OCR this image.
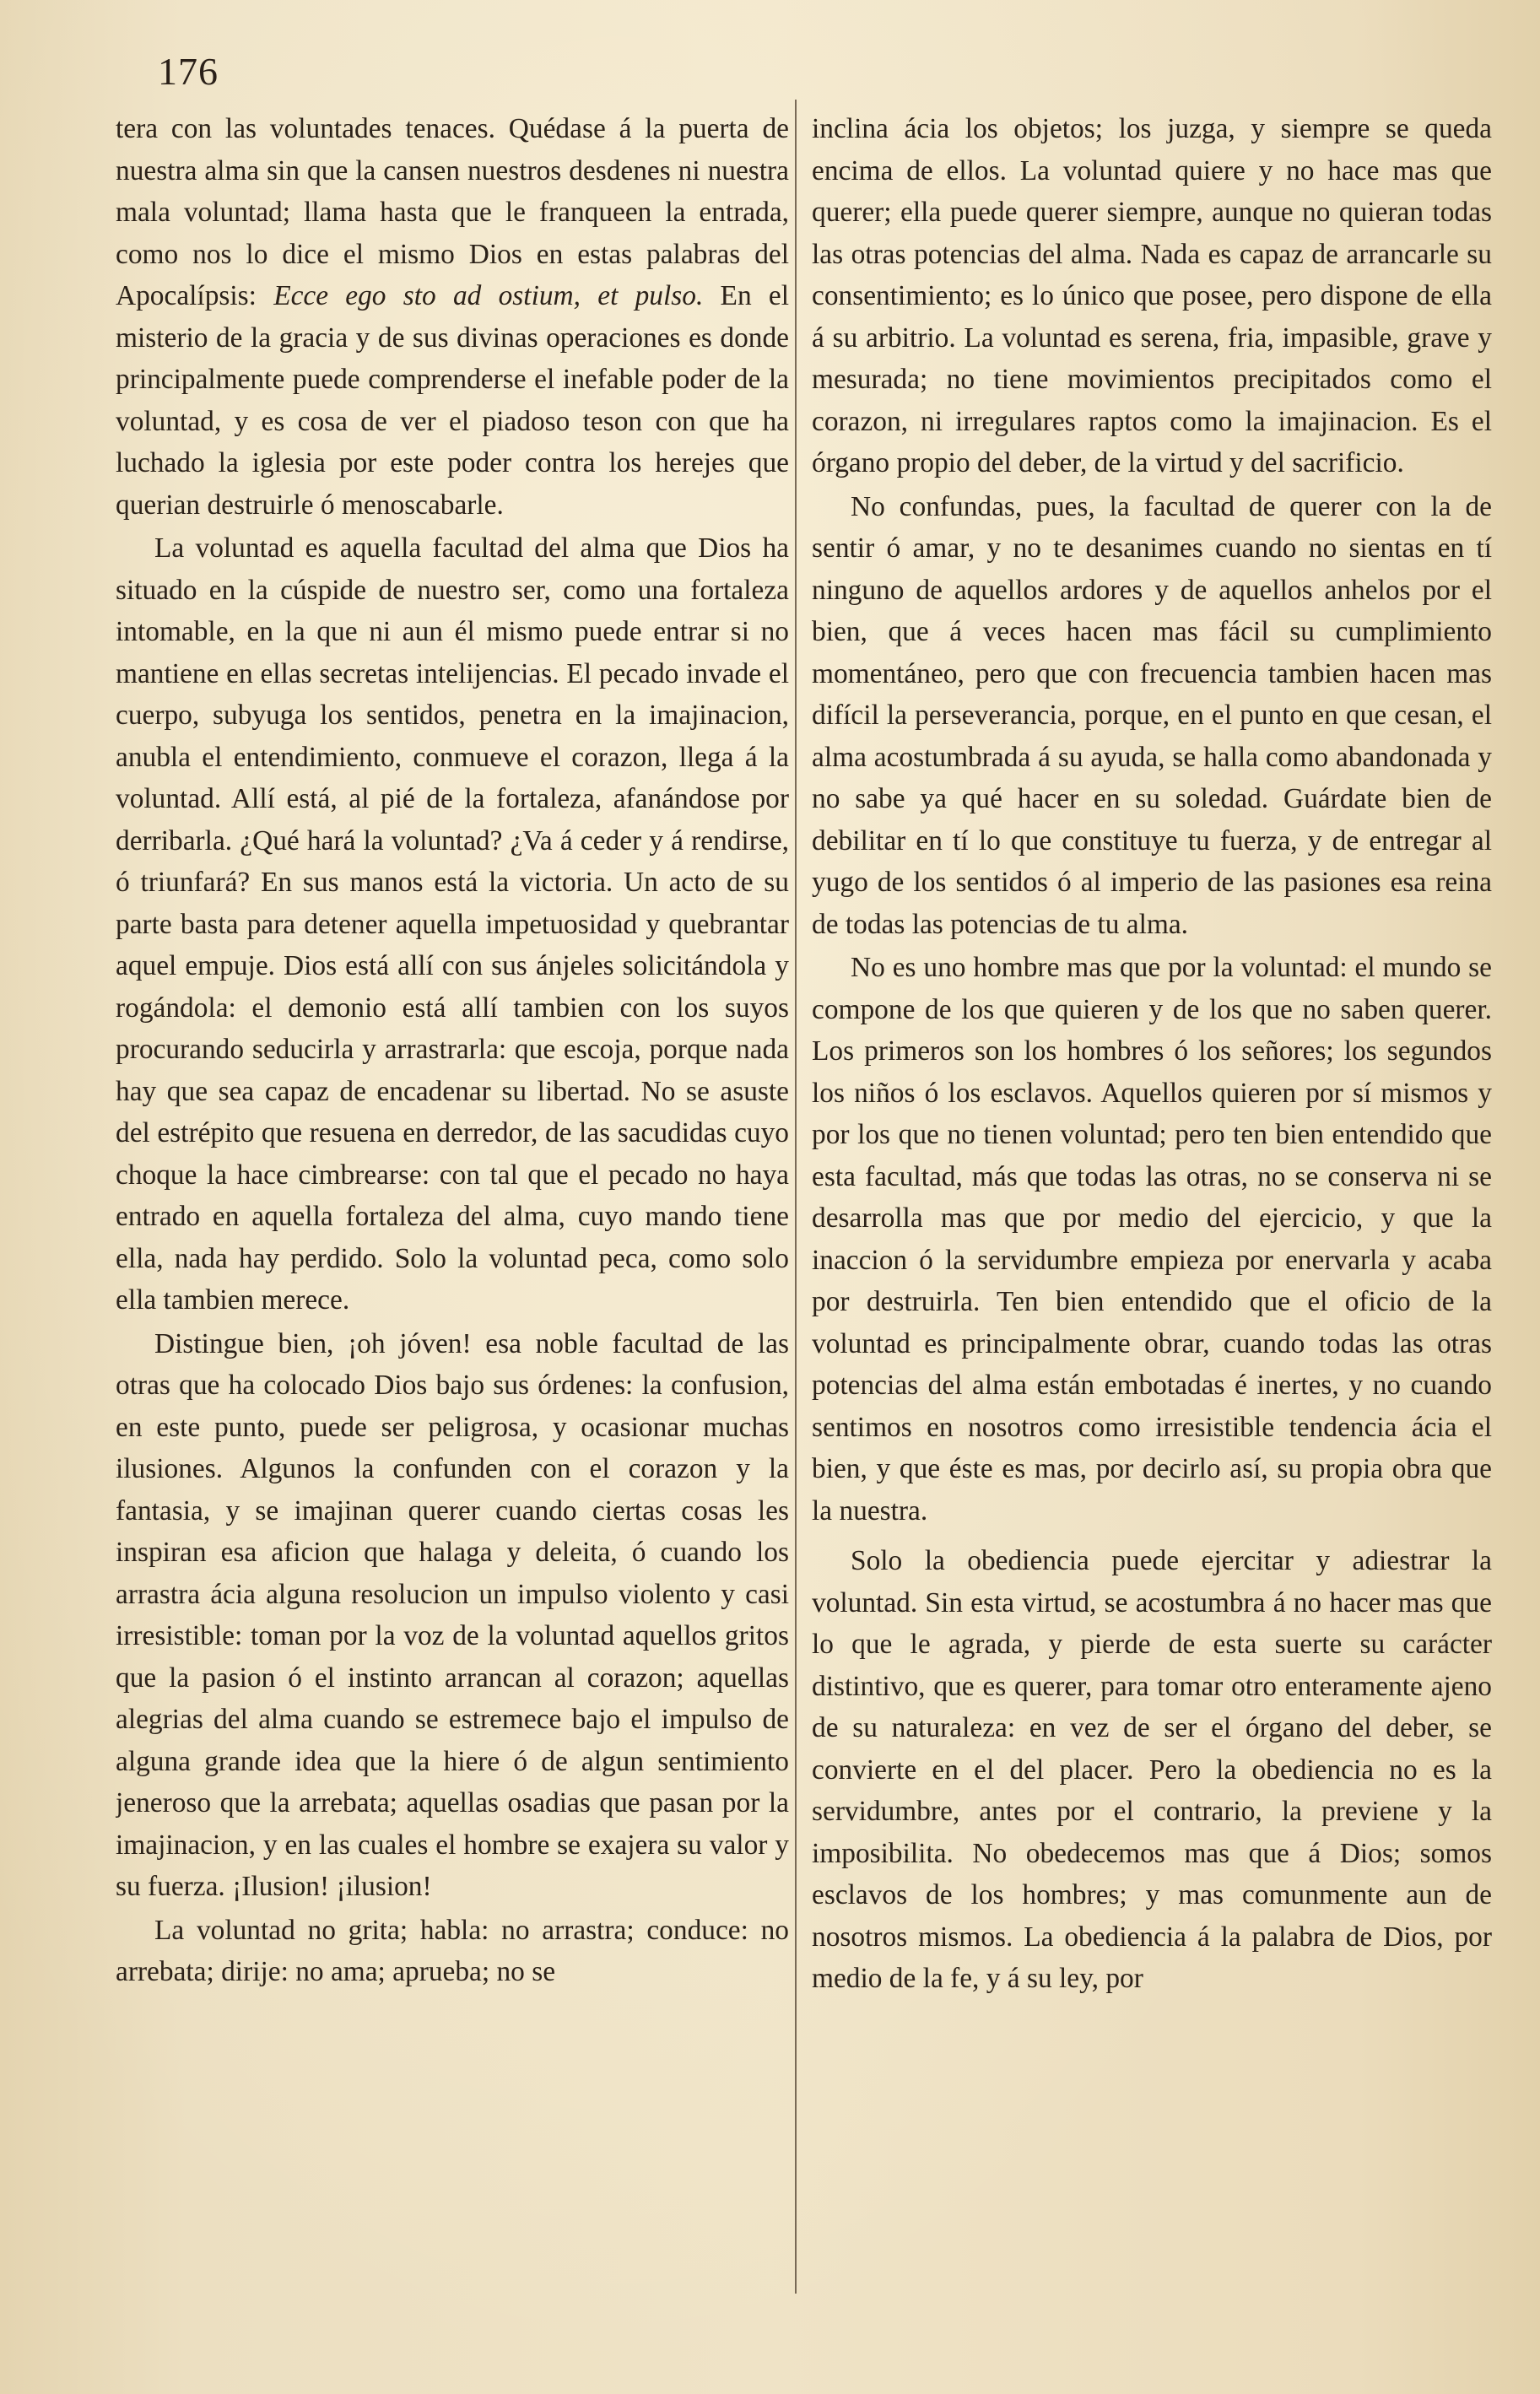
176

tera con las voluntades tenaces. Quédase á la puerta de nuestra alma sin que la cansen nuestros desdenes ni nuestra mala voluntad; llama hasta que le franqueen la entrada, como nos lo dice el mismo Dios en estas palabras del Apocalípsis: Ecce ego sto ad ostium, et pulso. En el misterio de la gracia y de sus divinas operaciones es donde principalmente puede comprenderse el inefable poder de la voluntad, y es cosa de ver el piadoso teson con que ha luchado la iglesia por este poder contra los herejes que querian destruirle ó menoscabarle.

La voluntad es aquella facultad del alma que Dios ha situado en la cúspide de nuestro ser, como una fortaleza intomable, en la que ni aun él mismo puede entrar si no mantiene en ellas secretas intelijencias. El pecado invade el cuerpo, subyuga los sentidos, penetra en la imajinacion, anubla el entendimiento, conmueve el corazon, llega á la voluntad. Allí está, al pié de la fortaleza, afanándose por derribarla. ¿Qué hará la voluntad? ¿Va á ceder y á rendirse, ó triunfará? En sus manos está la victoria. Un acto de su parte basta para detener aquella impetuosidad y quebrantar aquel empuje. Dios está allí con sus ánjeles solicitándola y rogándola: el demonio está allí tambien con los suyos procurando seducirla y arrastrarla: que escoja, porque nada hay que sea capaz de encadenar su libertad. No se asuste del estrépito que resuena en derredor, de las sacudidas cuyo choque la hace cimbrearse: con tal que el pecado no haya entrado en aquella fortaleza del alma, cuyo mando tiene ella, nada hay perdido. Solo la voluntad peca, como solo ella tambien merece.

Distingue bien, ¡oh jóven! esa noble facultad de las otras que ha colocado Dios bajo sus órdenes: la confusion, en este punto, puede ser peligrosa, y ocasionar muchas ilusiones. Algunos la confunden con el corazon y la fantasia, y se imajinan querer cuando ciertas cosas les inspiran esa aficion que halaga y deleita, ó cuando los arrastra ácia alguna resolucion un impulso violento y casi irresistible: toman por la voz de la voluntad aquellos gritos que la pasion ó el instinto arrancan al corazon; aquellas alegrias del alma cuando se estremece bajo el impulso de alguna grande idea que la hiere ó de algun sentimiento jeneroso que la arrebata; aquellas osadias que pasan por la imajinacion, y en las cuales el hombre se exajera su valor y su fuerza. ¡Ilusion! ¡ilusion!

La voluntad no grita; habla: no arrastra; conduce: no arrebata; dirije: no ama; aprueba; no se

inclina ácia los objetos; los juzga, y siempre se queda encima de ellos. La voluntad quiere y no hace mas que querer; ella puede querer siempre, aunque no quieran todas las otras potencias del alma. Nada es capaz de arrancarle su consentimiento; es lo único que posee, pero dispone de ella á su arbitrio. La voluntad es serena, fria, impasible, grave y mesurada; no tiene movimientos precipitados como el corazon, ni irregulares raptos como la imajinacion. Es el órgano propio del deber, de la virtud y del sacrificio.

No confundas, pues, la facultad de querer con la de sentir ó amar, y no te desanimes cuando no sientas en tí ninguno de aquellos ardores y de aquellos anhelos por el bien, que á veces hacen mas fácil su cumplimiento momentáneo, pero que con frecuencia tambien hacen mas difícil la perseverancia, porque, en el punto en que cesan, el alma acostumbrada á su ayuda, se halla como abandonada y no sabe ya qué hacer en su soledad. Guárdate bien de debilitar en tí lo que constituye tu fuerza, y de entregar al yugo de los sentidos ó al imperio de las pasiones esa reina de todas las potencias de tu alma.

No es uno hombre mas que por la voluntad: el mundo se compone de los que quieren y de los que no saben querer. Los primeros son los hombres ó los señores; los segundos los niños ó los esclavos. Aquellos quieren por sí mismos y por los que no tienen voluntad; pero ten bien entendido que esta facultad, más que todas las otras, no se conserva ni se desarrolla mas que por medio del ejercicio, y que la inaccion ó la servidumbre empieza por enervarla y acaba por destruirla. Ten bien entendido que el oficio de la voluntad es principalmente obrar, cuando todas las otras potencias del alma están embotadas é inertes, y no cuando sentimos en nosotros como irresistible tendencia ácia el bien, y que éste es mas, por decirlo así, su propia obra que la nuestra.

Solo la obediencia puede ejercitar y adiestrar la voluntad. Sin esta virtud, se acostumbra á no hacer mas que lo que le agrada, y pierde de esta suerte su carácter distintivo, que es querer, para tomar otro enteramente ajeno de su naturaleza: en vez de ser el órgano del deber, se convierte en el del placer. Pero la obediencia no es la servidumbre, antes por el contrario, la previene y la imposibilita. No obedecemos mas que á Dios; somos esclavos de los hombres; y mas comunmente aun de nosotros mismos. La obediencia á la palabra de Dios, por medio de la fe, y á su ley, por
